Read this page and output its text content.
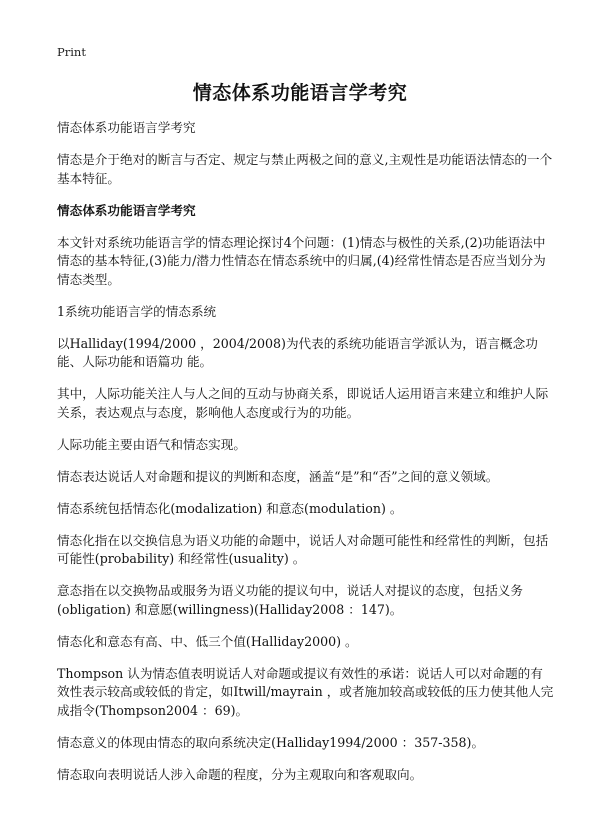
Print
情态体系功能语言学考究

情态体系功能语言学考究

情态是介于绝对的断言与否定、规定与禁止两极之间的意义,主观性是功能语法情态的一个基本特征。

情态体系功能语言学考究

本文针对系统功能语言学的情态理论探讨4个问题：(1)情态与极性的关系,(2)功能语法中情态的基本特征,(3)能力/潜力性情态在情态系统中的归属,(4)经常性情态是否应当划分为情态类型。

1系统功能语言学的情态系统

以Halliday(1994/2000 ，2004/2008)为代表的系统功能语言学派认为，语言概念功能、人际功能和语篇功 能。

其中，人际功能关注人与人之间的互动与协商关系，即说话人运用语言来建立和维护人际关系，表达观点与态度，影响他人态度或行为的功能。

人际功能主要由语气和情态实现。

情态表达说话人对命题和提议的判断和态度，涵盖“是”和“否”之间的意义领域。

情态系统包括情态化(modalization) 和意态(modulation) 。

情态化指在以交换信息为语义功能的命题中，说话人对命题可能性和经常性的判断，包括可能性(probability) 和经常性(usuality) 。

意态指在以交换物品或服务为语义功能的提议句中，说话人对提议的态度，包括义务(obligation) 和意愿(willingness)(Halliday2008 ：147)。

情态化和意态有高、中、低三个值(Halliday2000) 。

Thompson 认为情态值表明说话人对命题或提议有效性的承诺：说话人可以对命题的有效性表示较高或较低的肯定，如Itwill/mayrain ，或者施加较高或较低的压力使其他人完成指令(Thompson2004 ：69)。

情态意义的体现由情态的取向系统决定(Halliday1994/2000 ：357-358)。

情态取向表明说话人涉入命题的程度，分为主观取向和客观取向。
